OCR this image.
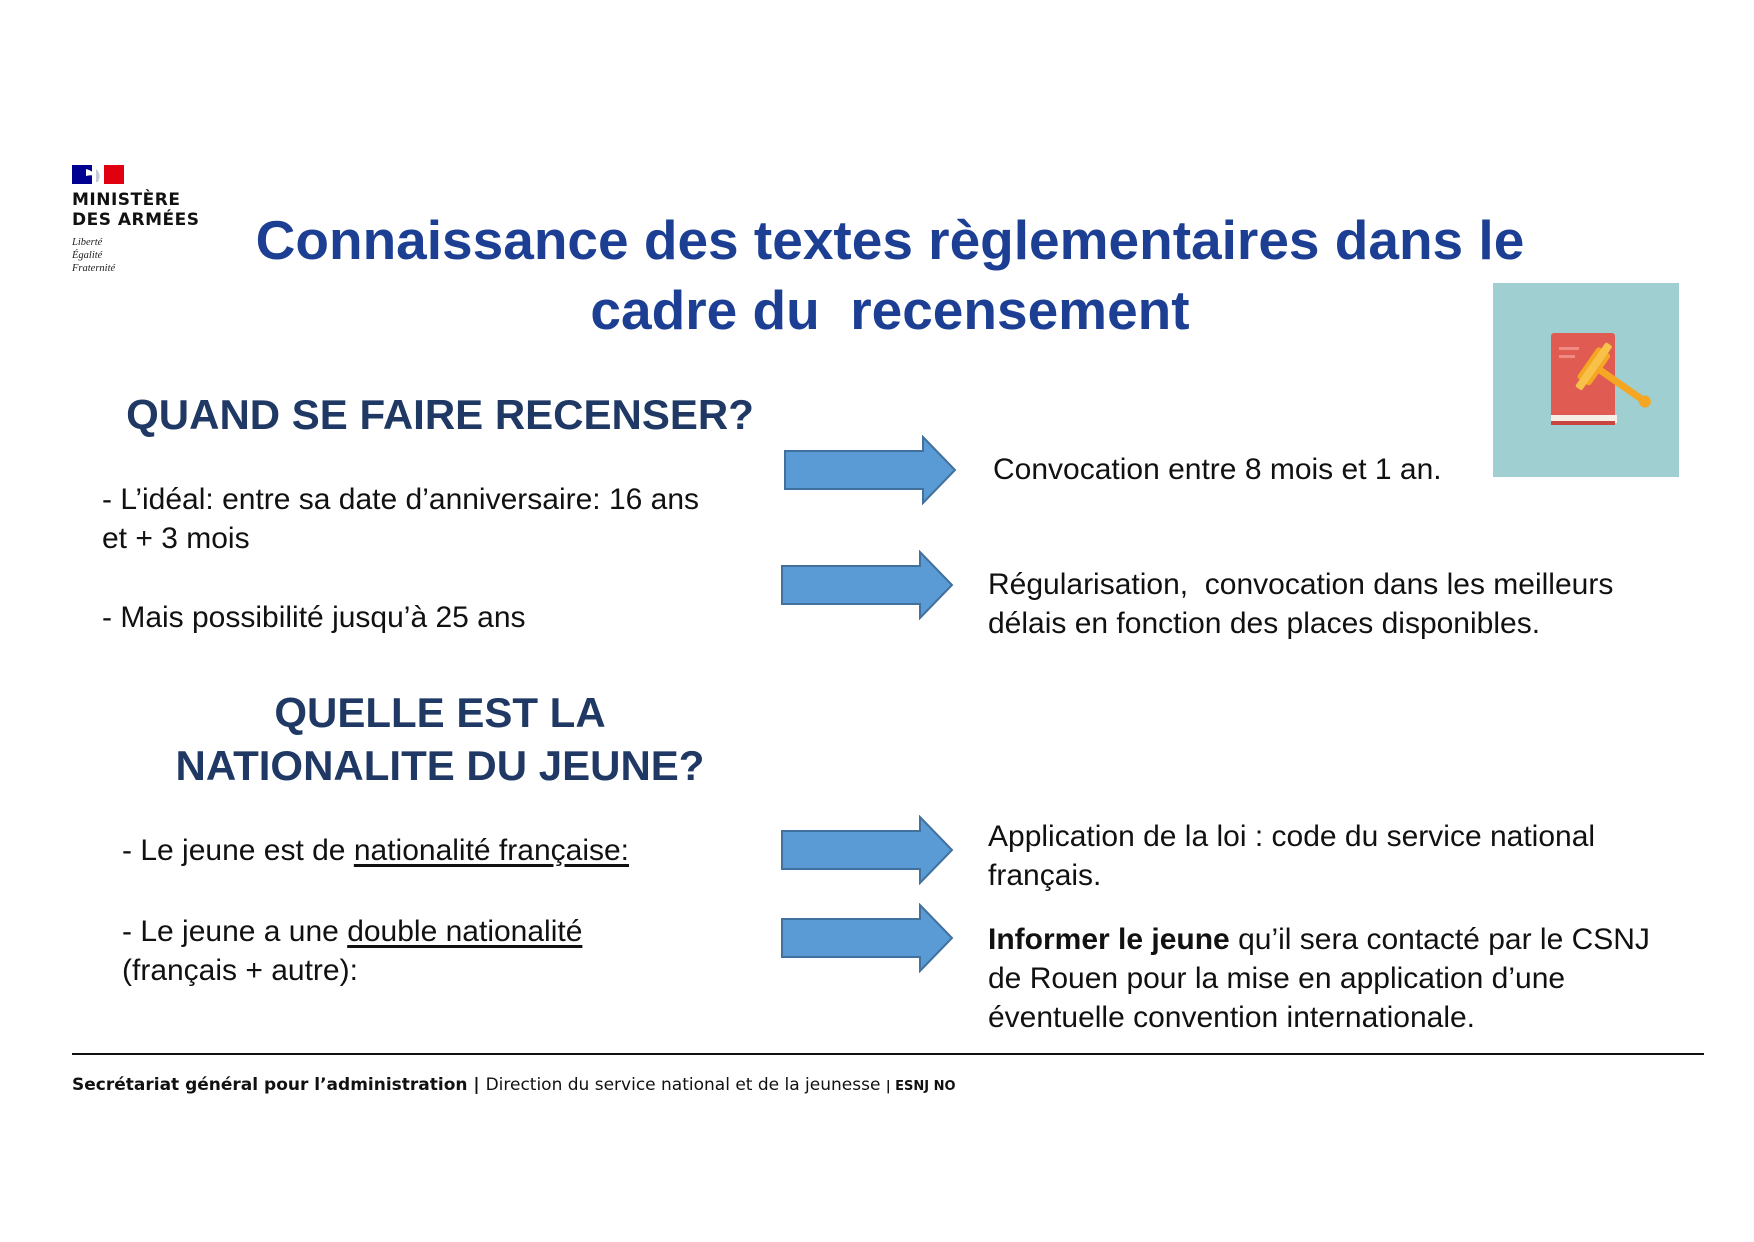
MINISTÈRE
DES ARMÉES
Liberté
Égalité
Fraternité	Connaissance des textes règlementaires dans le
cadre du  recensement
QUAND SE FAIRE RECENSER?
- L’idéal: entre sa date d’anniversaire: 16 ans
et + 3 mois
- Mais possibilité jusqu’à 25 ans
Convocation entre 8 mois et 1 an.
Régularisation,  convocation dans les meilleurs
délais en fonction des places disponibles.
QUELLE EST LA
NATIONALITE DU JEUNE?
- Le jeune est de nationalité française:
- Le jeune a une double nationalité
(français + autre):
Application de la loi : code du service national
français.
Informer le jeune qu’il sera contacté par le CSNJ
de Rouen pour la mise en application d’une
éventuelle convention internationale.
Secrétariat général pour l’administration | Direction du service national et de la jeunesse | ESNJ NO
